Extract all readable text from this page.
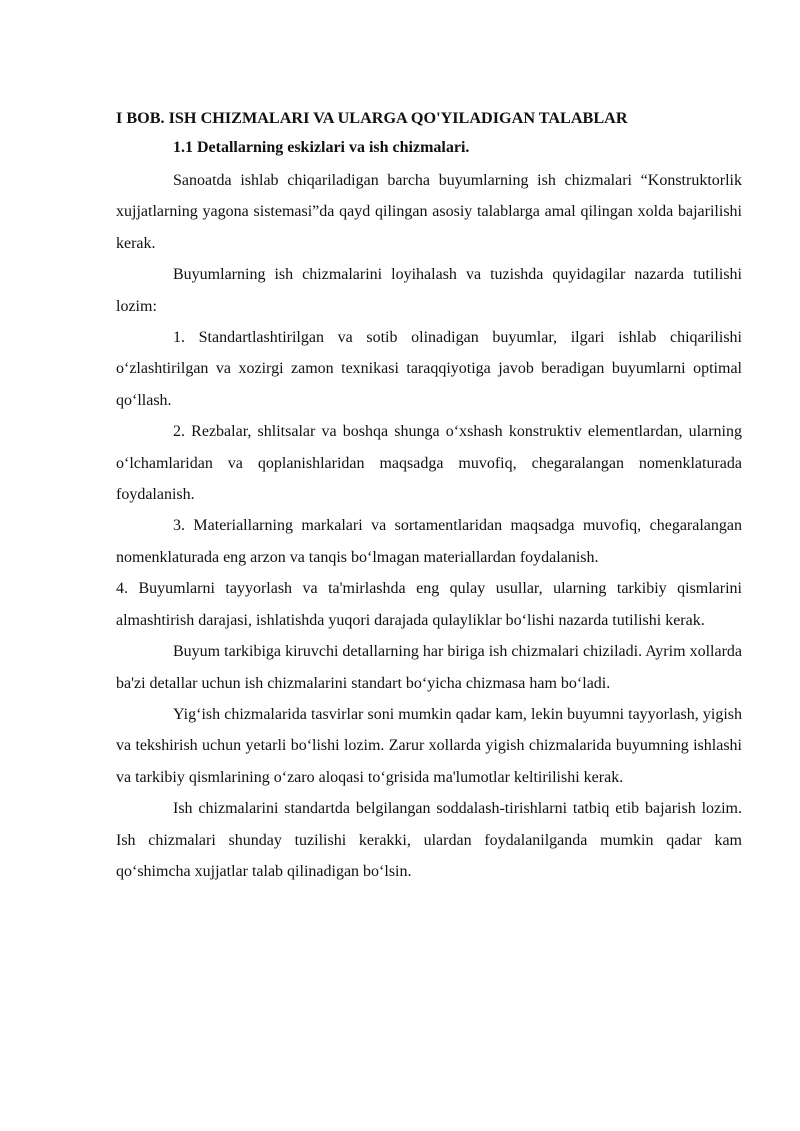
I BOB. ISH CHIZMALARI VA ULARGA QO'YILADIGAN TALABLAR
1.1 Detallarning eskizlari va ish chizmalari.

Sanoatda ishlab chiqariladigan barcha buyumlarning ish chizmalari “Konstruktorlik xujjatlarning yagona sistemasi”da qayd qilingan asosiy talablarga amal qilingan xolda bajarilishi kerak.

Buyumlarning ish chizmalarini loyihalash va tuzishda quyidagilar nazarda tutilishi lozim:

1. Standartlashtirilgan va sotib olinadigan buyumlar, ilgari ishlab chiqarilishi o‘zlashtirilgan va xozirgi zamon texnikasi taraqqiyotiga javob beradigan buyumlarni optimal qo‘llash.

2. Rezbalar, shlitsalar va boshqa shunga o‘xshash konstruktiv elementlardan, ularning o‘lchamlaridan va qoplanishlaridan maqsadga muvofiq, chegaralangan nomenklaturada foydalanish.

3. Materiallarning markalari va sortamentlaridan maqsadga muvofiq, chegaralangan nomenklaturada eng arzon va tanqis bo‘lmagan materiallardan foydalanish.

4. Buyumlarni tayyorlash va ta'mirlashda eng qulay usullar, ularning tarkibiy qismlarini almashtirish darajasi, ishlatishda yuqori darajada qulayliklar bo‘lishi nazarda tutilishi kerak.

Buyum tarkibiga kiruvchi detallarning har biriga ish chizmalari chiziladi. Ayrim xollarda ba'zi detallar uchun ish chizmalarini standart bo‘yicha chizmasa ham bo‘ladi.

Yig‘ish chizmalarida tasvirlar soni mumkin qadar kam, lekin buyumni tayyorlash, yigish va tekshirish uchun yetarli bo‘lishi lozim. Zarur xollarda yigish chizmalarida buyumning ishlashi va tarkibiy qismlarining o‘zaro aloqasi to‘grisida ma'lumotlar keltirilishi kerak.

Ish chizmalarini standartda belgilangan soddalash-tirishlarni tatbiq etib bajarish lozim. Ish chizmalari shunday tuzilishi kerakki, ulardan foydalanilganda mumkin qadar kam qo‘shimcha xujjatlar talab qilinadigan bo‘lsin.
